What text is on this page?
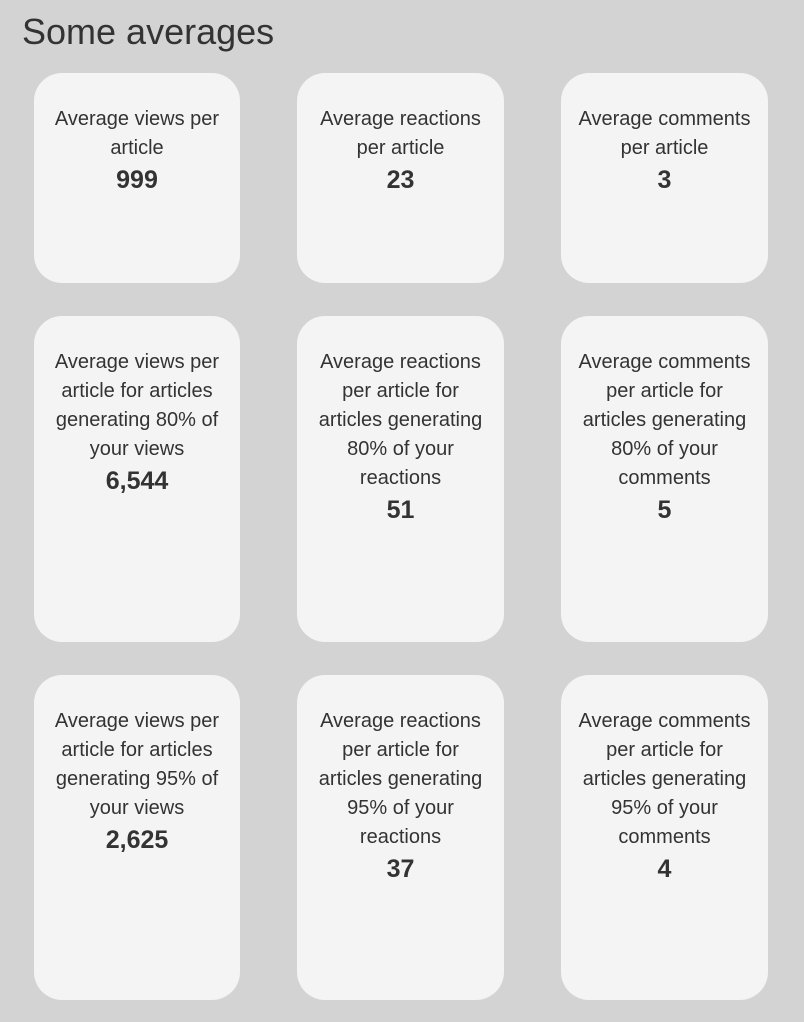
Some averages
Average views per article
999
Average reactions per article
23
Average comments per article
3
Average views per article for articles generating 80% of your views
6,544
Average reactions per article for articles generating 80% of your reactions
51
Average comments per article for articles generating 80% of your comments
5
Average views per article for articles generating 95% of your views
2,625
Average reactions per article for articles generating 95% of your reactions
37
Average comments per article for articles generating 95% of your comments
4
